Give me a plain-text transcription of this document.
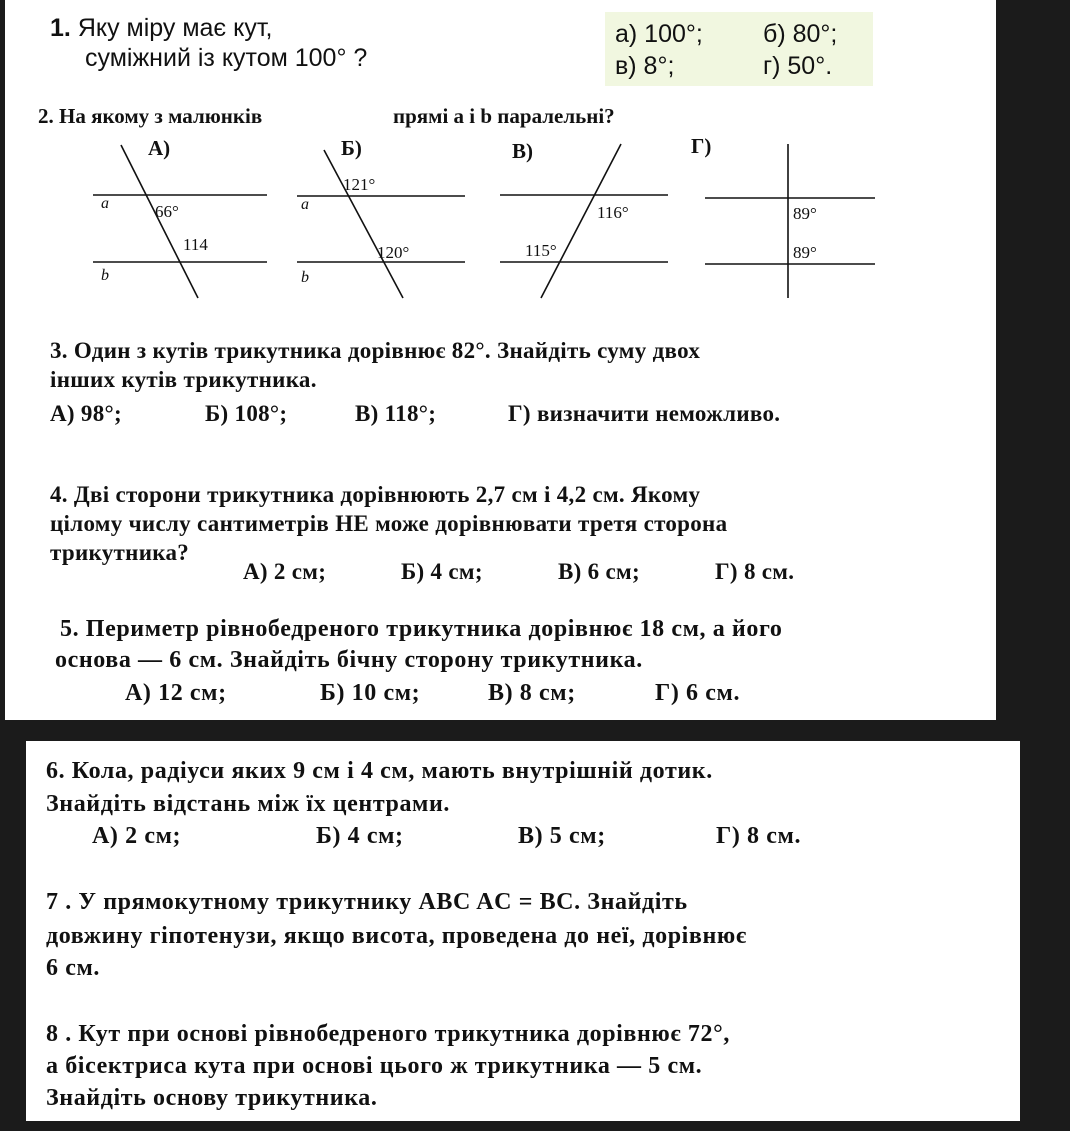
1. Яку міру має кут,
суміжний із кутом 100° ?
а) 100°; б) 80°;
в) 8°;	г) 50°.
2. На якому з малюнків	прямі a і b паралельні?
А)	Б)	В)	Г)
a
b
a
b
66°
114
121°
120°
116°
115°
89°
89°
3. Один з кутів трикутника дорівнює 82°. Знайдіть суму двох
інших кутів трикутника.
А) 98°;	Б) 108°;	В) 118°;	Г) визначити неможливо.
4. Дві сторони трикутника дорівнюють 2,7 см і 4,2 см. Якому
цілому числу сантиметрів НЕ може дорівнювати третя сторона
трикутника?
А) 2 см;	Б) 4 см;	В) 6 см;	Г) 8 см.
5. Периметр рівнобедреного трикутника дорівнює 18 см, а його
основа — 6 см. Знайдіть бічну сторону трикутника.
А) 12 см;	Б) 10 см;	В) 8 см;	Г) 6 см.
6. Кола, радіуси яких 9 см і 4 см, мають внутрішній дотик.
Знайдіть відстань між їх центрами.
А) 2 см;	Б) 4 см;	В) 5 см;	Г) 8 см.
7 . У прямокутному трикутнику ABC AC = BC. Знайдіть
довжину гіпотенузи, якщо висота, проведена до неї, дорівнює
6 см.
8 . Кут при основі рівнобедреного трикутника дорівнює 72°,
а бісектриса кута при основі цього ж трикутника — 5 см.
Знайдіть основу трикутника.
